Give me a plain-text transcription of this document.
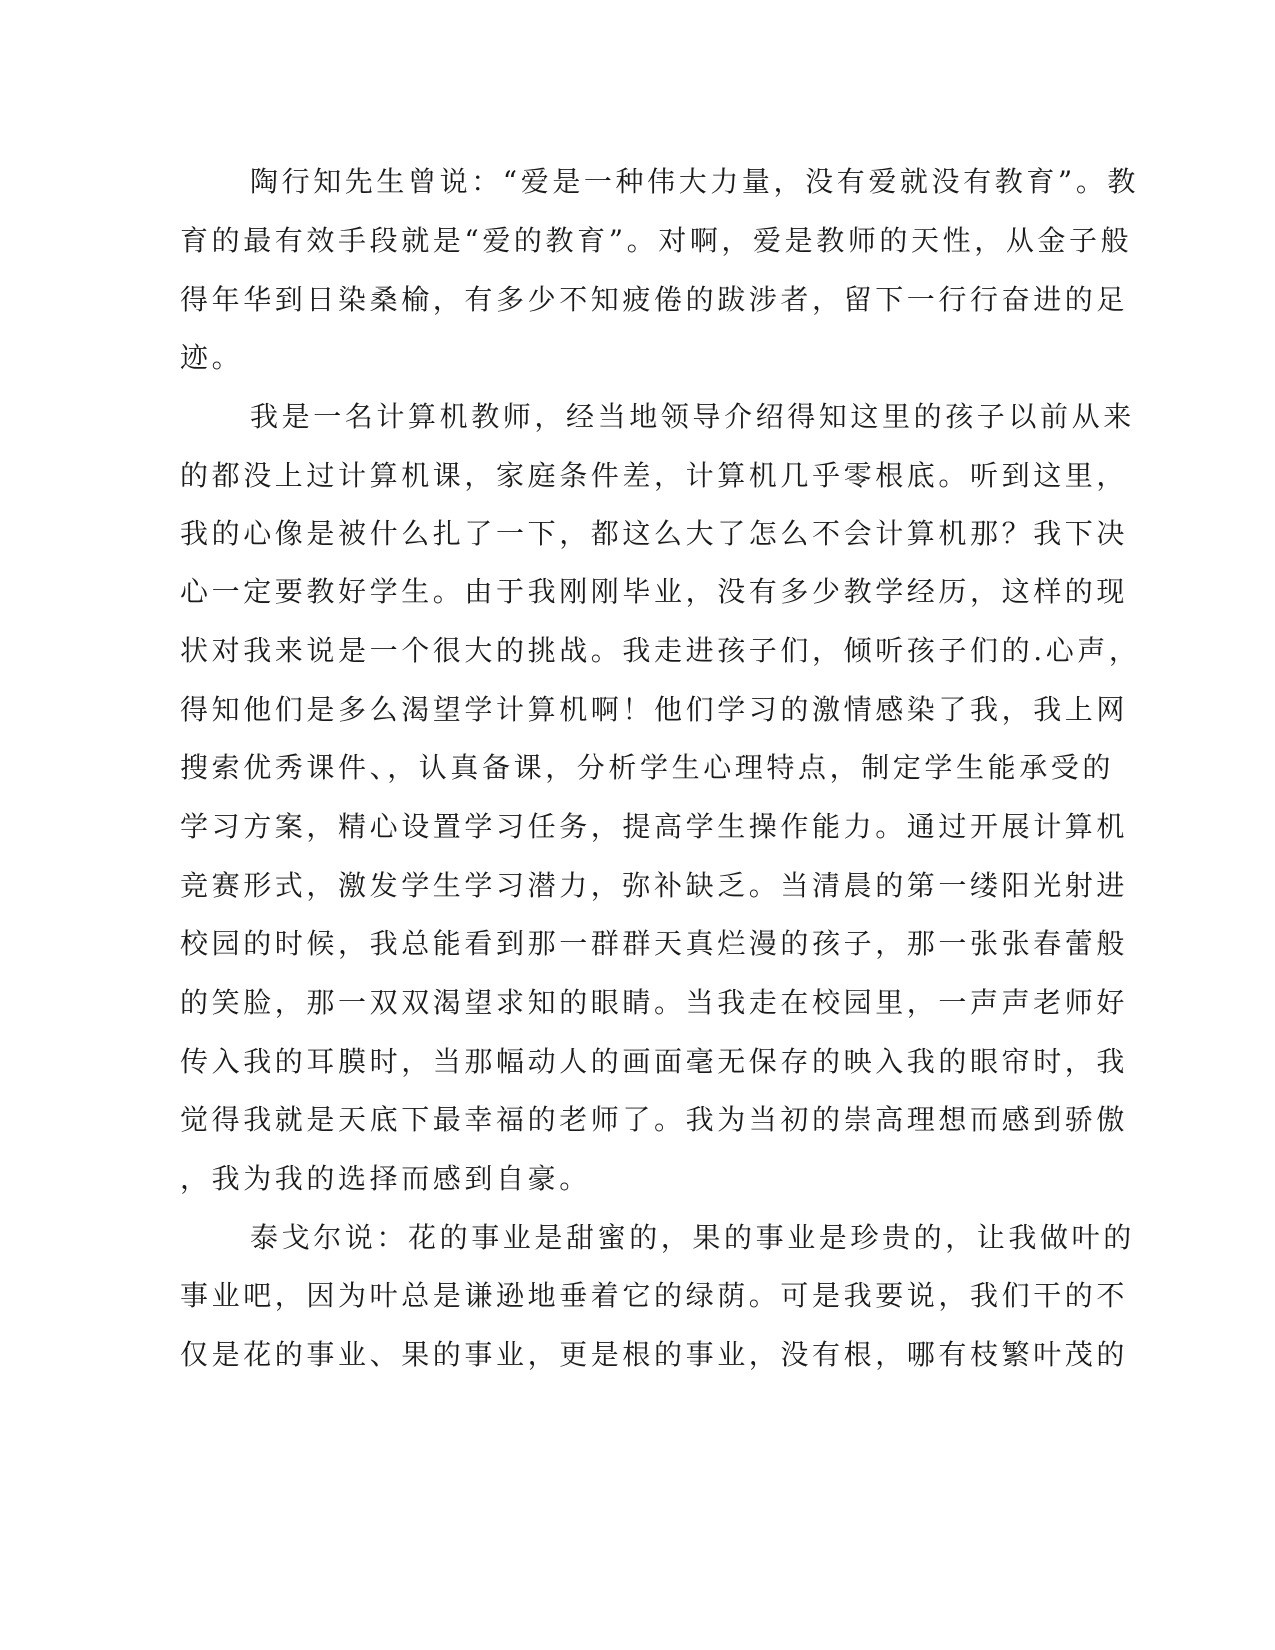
陶行知先生曾说：“爱是一种伟大力量，没有爱就没有教育”。教
育的最有效手段就是“爱的教育”。对啊，爱是教师的天性，从金子般
得年华到日染桑榆，有多少不知疲倦的跋涉者，留下一行行奋进的足
迹。
我是一名计算机教师，经当地领导介绍得知这里的孩子以前从来
的都没上过计算机课，家庭条件差，计算机几乎零根底。听到这里，
我的心像是被什么扎了一下，都这么大了怎么不会计算机那？我下决
心一定要教好学生。由于我刚刚毕业，没有多少教学经历，这样的现
状对我来说是一个很大的挑战。我走进孩子们，倾听孩子们的.心声，
得知他们是多么渴望学计算机啊！他们学习的激情感染了我，我上网
搜索优秀课件、，认真备课，分析学生心理特点，制定学生能承受的
学习方案，精心设置学习任务，提高学生操作能力。通过开展计算机
竞赛形式，激发学生学习潜力，弥补缺乏。当清晨的第一缕阳光射进
校园的时候，我总能看到那一群群天真烂漫的孩子，那一张张春蕾般
的笑脸，那一双双渴望求知的眼睛。当我走在校园里，一声声老师好
传入我的耳膜时，当那幅动人的画面毫无保存的映入我的眼帘时，我
觉得我就是天底下最幸福的老师了。我为当初的崇高理想而感到骄傲
，我为我的选择而感到自豪。
泰戈尔说：花的事业是甜蜜的，果的事业是珍贵的，让我做叶的
事业吧，因为叶总是谦逊地垂着它的绿荫。可是我要说，我们干的不
仅是花的事业、果的事业，更是根的事业，没有根，哪有枝繁叶茂的
